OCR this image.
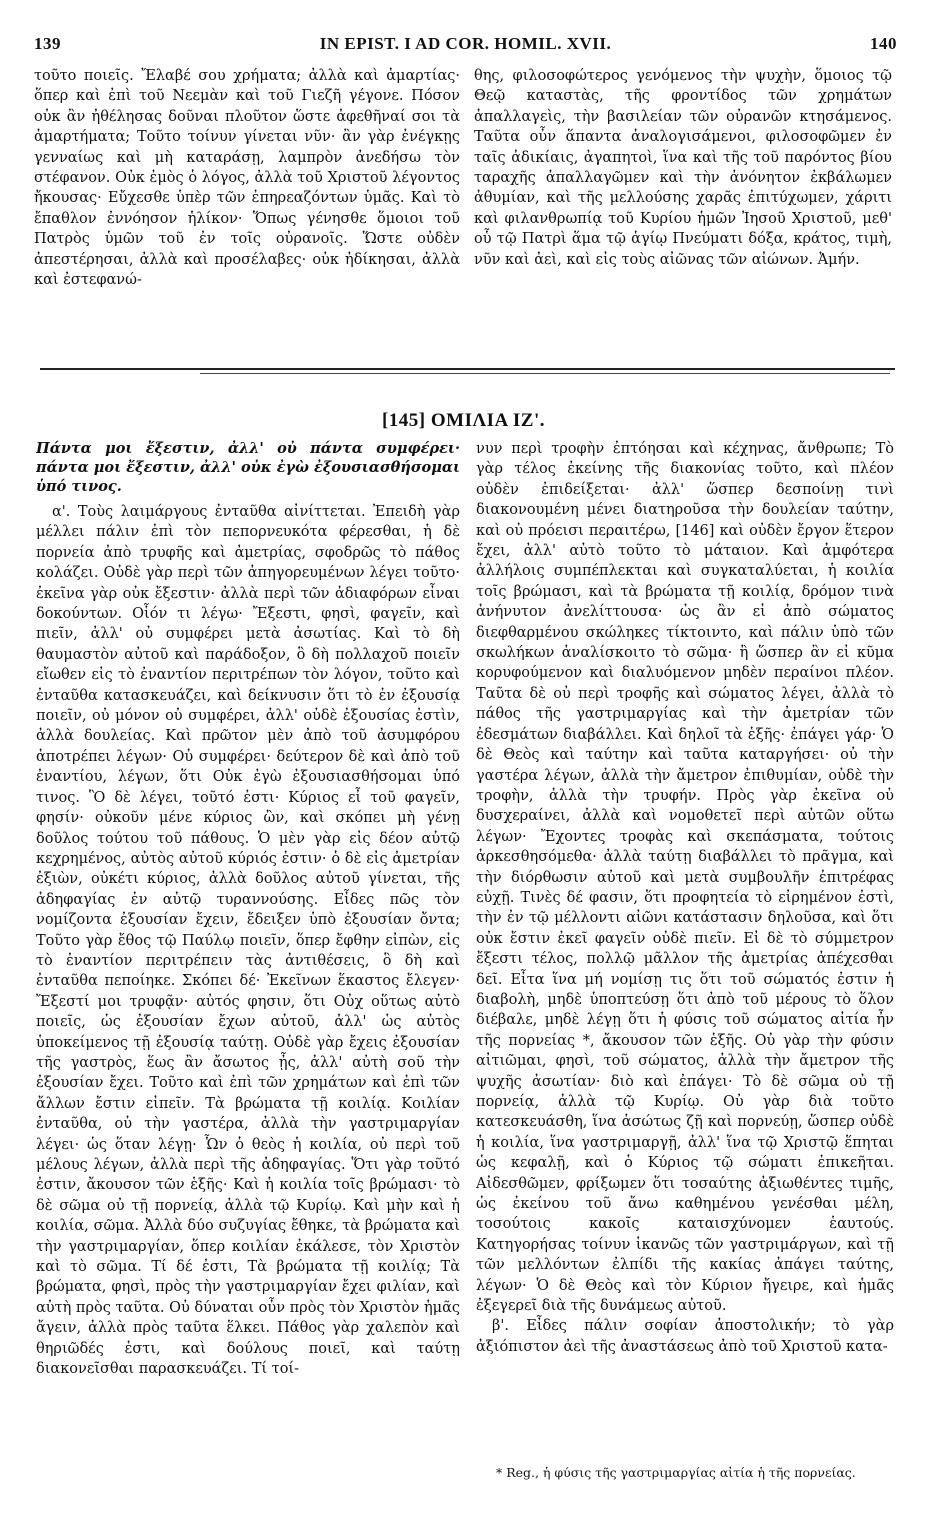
139	IN EPIST. I AD COR. HOMIL. XVII.	140

τοῦτο ποιεῖς. Ἔλαβέ σου χρήματα; ἀλλὰ καὶ ἁμαρτίας· ὅπερ καὶ ἐπὶ τοῦ Νεεμὰν καὶ τοῦ Γιεζῆ γέγονε. Πόσον οὐκ ἂν ἠθέλησας δοῦναι πλοῦτον ὥστε ἀφεθῆναί σοι τὰ ἁμαρτήματα; Τοῦτο τοίνυν γίνεται νῦν· ἂν γὰρ ἐνέγκῃς γενναίως καὶ μὴ καταράσῃ, λαμπρὸν ἀνεδήσω τὸν στέφανον. Οὐκ ἐμὸς ὁ λόγος, ἀλλὰ τοῦ Χριστοῦ λέγοντος ἤκουσας· Εὔχεσθε ὑπὲρ τῶν ἐπηρεαζόντων ὑμᾶς. Καὶ τὸ ἔπαθλον ἐννόησον ἡλίκον· Ὅπως γένησθε ὅμοιοι τοῦ Πατρὸς ὑμῶν τοῦ ἐν τοῖς οὐρανοῖς. Ὥστε οὐδὲν ἀπεστέρησαι, ἀλλὰ καὶ προσέλαβες· οὐκ ἠδίκησαι, ἀλλὰ καὶ ἐστεφανώ-

θης, φιλοσοφώτερος γενόμενος τὴν ψυχὴν, ὅμοιος τῷ Θεῷ καταστὰς, τῆς φροντίδος τῶν χρημάτων ἀπαλλαγεὶς, τὴν βασιλείαν τῶν οὐρανῶν κτησάμενος. Ταῦτα οὖν ἅπαντα ἀναλογισάμενοι, φιλοσοφῶμεν ἐν ταῖς ἀδικίαις, ἀγαπητοὶ, ἵνα καὶ τῆς τοῦ παρόντος βίου ταραχῆς ἀπαλλαγῶμεν καὶ τὴν ἀνόνητον ἐκβάλωμεν ἀθυμίαν, καὶ τῆς μελλούσης χαρᾶς ἐπιτύχωμεν, χάριτι καὶ φιλανθρωπίᾳ τοῦ Κυρίου ἡμῶν Ἰησοῦ Χριστοῦ, μεθ' οὗ τῷ Πατρὶ ἅμα τῷ ἁγίῳ Πνεύματι δόξα, κράτος, τιμὴ, νῦν καὶ ἀεὶ, καὶ εἰς τοὺς αἰῶνας τῶν αἰώνων. Ἀμήν.

[145] ΟΜΙΛΙΑ ΙΖ'.

Πάντα μοι ἔξεστιν, ἀλλ' οὐ πάντα συμφέρει· πάντα μοι ἔξεστιν, ἀλλ' οὐκ ἐγὼ ἐξουσιασθήσομαι ὑπό τινος.

α'. Τοὺς λαιμάργους ἐνταῦθα αἰνίττεται. Ἐπειδὴ γὰρ μέλλει πάλιν ἐπὶ τὸν πεπορνευκότα φέρεσθαι, ἡ δὲ πορνεία ἀπὸ τρυφῆς καὶ ἀμετρίας, σφοδρῶς τὸ πάθος κολάζει. Οὐδὲ γὰρ περὶ τῶν ἀπηγορευμένων λέγει τοῦτο· ἐκεῖνα γὰρ οὐκ ἔξεστιν· ἀλλὰ περὶ τῶν ἀδιαφόρων εἶναι δοκούντων. Οἷόν τι λέγω· Ἔξεστι, φησὶ, φαγεῖν, καὶ πιεῖν, ἀλλ' οὐ συμφέρει μετὰ ἀσωτίας. Καὶ τὸ δὴ θαυμαστὸν αὐτοῦ καὶ παράδοξον, ὃ δὴ πολλαχοῦ ποιεῖν εἴωθεν εἰς τὸ ἐναντίον περιτρέπων τὸν λόγον, τοῦτο καὶ ἐνταῦθα κατασκευάζει, καὶ δείκνυσιν ὅτι τὸ ἐν ἐξουσίᾳ ποιεῖν, οὐ μόνον οὐ συμφέρει, ἀλλ' οὐδὲ ἐξουσίας ἐστὶν, ἀλλὰ δουλείας. Καὶ πρῶτον μὲν ἀπὸ τοῦ ἀσυμφόρου ἀποτρέπει λέγων· Οὐ συμφέρει· δεύτερον δὲ καὶ ἀπὸ τοῦ ἐναντίου, λέγων, ὅτι Οὐκ ἐγὼ ἐξουσιασθήσομαι ὑπό τινος. Ὃ δὲ λέγει, τοῦτό ἐστι· Κύριος εἶ τοῦ φαγεῖν, φησίν· οὐκοῦν μένε κύριος ὢν, καὶ σκόπει μὴ γένῃ δοῦλος τούτου τοῦ πάθους. Ὁ μὲν γὰρ εἰς δέον αὐτῷ κεχρημένος, αὐτὸς αὐτοῦ κύριός ἐστιν· ὁ δὲ εἰς ἀμετρίαν ἐξιὼν, οὐκέτι κύριος, ἀλλὰ δοῦλος αὐτοῦ γίνεται, τῆς ἀδηφαγίας ἐν αὐτῷ τυραννούσης. Εἶδες πῶς τὸν νομίζοντα ἐξουσίαν ἔχειν, ἔδειξεν ὑπὸ ἐξουσίαν ὄντα; Τοῦτο γὰρ ἔθος τῷ Παύλῳ ποιεῖν, ὅπερ ἔφθην εἰπὼν, εἰς τὸ ἐναντίον περιτρέπειν τὰς ἀντιθέσεις, ὃ δὴ καὶ ἐνταῦθα πεποίηκε. Σκόπει δέ· Ἐκεῖνων ἕκαστος ἔλεγεν· Ἔξεστί μοι τρυφᾷν· αὐτός φησιν, ὅτι Οὐχ οὕτως αὐτὸ ποιεῖς, ὡς ἐξουσίαν ἔχων αὐτοῦ, ἀλλ' ὡς αὐτὸς ὑποκείμενος τῇ ἐξουσίᾳ ταύτῃ. Οὐδὲ γὰρ ἔχεις ἐξουσίαν τῆς γαστρὸς, ἕως ἂν ἄσωτος ᾖς, ἀλλ' αὐτὴ σοῦ τὴν ἐξουσίαν ἔχει. Τοῦτο καὶ ἐπὶ τῶν χρημάτων καὶ ἐπὶ τῶν ἄλλων ἔστιν εἰπεῖν. Τὰ βρώματα τῇ κοιλίᾳ. Κοιλίαν ἐνταῦθα, οὐ τὴν γαστέρα, ἀλλὰ τὴν γαστριμαργίαν λέγει· ὡς ὅταν λέγῃ· Ὧν ὁ θεὸς ἡ κοιλία, οὐ περὶ τοῦ μέλους λέγων, ἀλλὰ περὶ τῆς ἀδηφαγίας. Ὅτι γὰρ τοῦτό ἐστιν, ἄκουσον τῶν ἑξῆς· Καὶ ἡ κοιλία τοῖς βρώμασι· τὸ δὲ σῶμα οὐ τῇ πορνείᾳ, ἀλλὰ τῷ Κυρίῳ. Καὶ μὴν καὶ ἡ κοιλία, σῶμα. Ἀλλὰ δύο συζυγίας ἔθηκε, τὰ βρώματα καὶ τὴν γαστριμαργίαν, ὅπερ κοιλίαν ἐκάλεσε, τὸν Χριστὸν καὶ τὸ σῶμα. Τί δέ ἐστι, Τὰ βρώματα τῇ κοιλίᾳ; Τὰ βρώματα, φησὶ, πρὸς τὴν γαστριμαργίαν ἔχει φιλίαν, καὶ αὐτὴ πρὸς ταῦτα. Οὐ δύναται οὖν πρὸς τὸν Χριστὸν ἡμᾶς ἄγειν, ἀλλὰ πρὸς ταῦτα ἕλκει. Πάθος γὰρ χαλεπὸν καὶ θηριῶδές ἐστι, καὶ δούλους ποιεῖ, καὶ ταύτῃ διακονεῖσθαι παρασκευάζει. Τί τοί-

νυν περὶ τροφὴν ἐπτόησαι καὶ κέχηνας, ἄνθρωπε; Τὸ γὰρ τέλος ἐκείνης τῆς διακονίας τοῦτο, καὶ πλέον οὐδὲν ἐπιδείξεται· ἀλλ' ὥσπερ δεσποίνῃ τινὶ διακονουμένη μένει διατηροῦσα τὴν δουλείαν ταύτην, καὶ οὐ πρόεισι περαιτέρω, [146] καὶ οὐδὲν ἔργον ἕτερον ἔχει, ἀλλ' αὐτὸ τοῦτο τὸ μάταιον. Καὶ ἀμφότερα ἀλλήλοις συμπέπλεκται καὶ συγκαταλύεται, ἡ κοιλία τοῖς βρώμασι, καὶ τὰ βρώματα τῇ κοιλίᾳ, δρόμον τινὰ ἀνήνυτον ἀνελίττουσα· ὡς ἂν εἰ ἀπὸ σώματος διεφθαρμένου σκώληκες τίκτοιντο, καὶ πάλιν ὑπὸ τῶν σκωλήκων ἀναλίσκοιτο τὸ σῶμα· ἢ ὥσπερ ἂν εἰ κῦμα κορυφούμενον καὶ διαλυόμενον μηδὲν περαίνοι πλέον. Ταῦτα δὲ οὐ περὶ τροφῆς καὶ σώματος λέγει, ἀλλὰ τὸ πάθος τῆς γαστριμαργίας καὶ τὴν ἀμετρίαν τῶν ἐδεσμάτων διαβάλλει. Καὶ δηλοῖ τὰ ἑξῆς· ἐπάγει γάρ· Ὁ δὲ Θεὸς καὶ ταύτην καὶ ταῦτα καταργήσει· οὐ τὴν γαστέρα λέγων, ἀλλὰ τὴν ἄμετρον ἐπιθυμίαν, οὐδὲ τὴν τροφὴν, ἀλλὰ τὴν τρυφήν. Πρὸς γὰρ ἐκεῖνα οὐ δυσχεραίνει, ἀλλὰ καὶ νομοθετεῖ περὶ αὐτῶν οὕτω λέγων· Ἔχοντες τροφὰς καὶ σκεπάσματα, τούτοις ἀρκεσθησόμεθα· ἀλλὰ ταύτῃ διαβάλλει τὸ πρᾶγμα, καὶ τὴν διόρθωσιν αὐτοῦ καὶ μετὰ συμβουλῆν ἐπιτρέφας εὐχῇ. Τινὲς δέ φασιν, ὅτι προφητεία τὸ εἰρημένον ἐστὶ, τὴν ἐν τῷ μέλλοντι αἰῶνι κατάστασιν δηλοῦσα, καὶ ὅτι οὐκ ἔστιν ἐκεῖ φαγεῖν οὐδὲ πιεῖν. Εἰ δὲ τὸ σύμμετρον ἔξεστι τέλος, πολλῷ μᾶλλον τῆς ἀμετρίας ἀπέχεσθαι δεῖ. Εἶτα ἵνα μή νομίσῃ τις ὅτι τοῦ σώματός ἐστιν ἡ διαβολὴ, μηδὲ ὑποπτεύσῃ ὅτι ἀπὸ τοῦ μέρους τὸ ὅλον διέβαλε, μηδὲ λέγῃ ὅτι ἡ φύσις τοῦ σώματος αἰτία ἦν τῆς πορνείας *, ἄκουσον τῶν ἑξῆς. Οὐ γὰρ τὴν φύσιν αἰτιῶμαι, φησὶ, τοῦ σώματος, ἀλλὰ τὴν ἄμετρον τῆς ψυχῆς ἀσωτίαν· διὸ καὶ ἐπάγει· Τὸ δὲ σῶμα οὐ τῇ πορνείᾳ, ἀλλὰ τῷ Κυρίῳ. Οὐ γὰρ διὰ τοῦτο κατεσκευάσθη, ἵνα ἀσώτως ζῇ καὶ πορνεύῃ, ὥσπερ οὐδὲ ἡ κοιλία, ἵνα γαστριμαργῇ, ἀλλ' ἵνα τῷ Χριστῷ ἕπηται ὡς κεφαλῇ, καὶ ὁ Κύριος τῷ σώματι ἐπικεῆται. Αἰδεσθῶμεν, φρίξωμεν ὅτι τοσαύτης ἀξιωθέντες τιμῆς, ὡς ἐκείνου τοῦ ἄνω καθημένου γενέσθαι μέλη, τοσούτοις κακοῖς καταισχύνομεν ἑαυτούς. Κατηγορήσας τοίνυν ἱκανῶς τῶν γαστριμάργων, καὶ τῇ τῶν μελλόντων ἐλπίδι τῆς κακίας ἀπάγει ταύτης, λέγων· Ὁ δὲ Θεὸς καὶ τὸν Κύριον ἤγειρε, καὶ ἡμᾶς ἐξεγερεῖ διὰ τῆς δυνάμεως αὐτοῦ.

β'. Εἶδες πάλιν σοφίαν ἀποστολικήν; τὸ γὰρ ἀξιόπιστον ἀεὶ τῆς ἀναστάσεως ἀπὸ τοῦ Χριστοῦ κατα-

* Reg., ἡ φύσις τῆς γαστριμαργίας αἰτία ἡ τῆς πορνείας.
